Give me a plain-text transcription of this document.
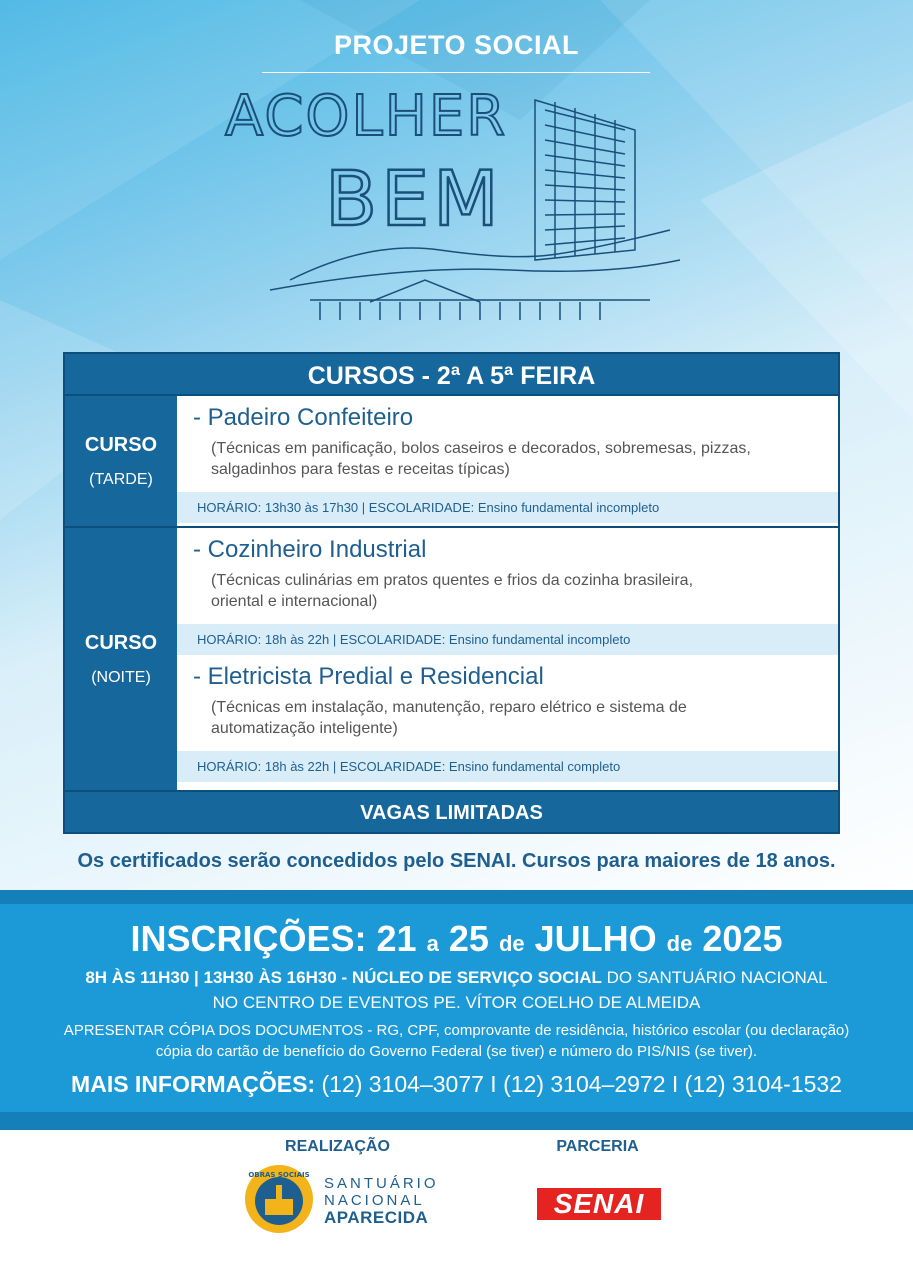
PROJETO SOCIAL
ACOLHER
BEM
CURSOS - 2ª A 5ª FEIRA
CURSO
(TARDE)
- Padeiro Confeiteiro
(Técnicas em panificação, bolos caseiros e decorados, sobremesas, pizzas,
salgadinhos para festas e receitas típicas)
HORÁRIO: 13h30 às 17h30 | ESCOLARIDADE: Ensino fundamental incompleto
CURSO
(NOITE)
- Cozinheiro Industrial
(Técnicas culinárias em pratos quentes e frios da cozinha brasileira,
oriental e internacional)
HORÁRIO: 18h às 22h | ESCOLARIDADE: Ensino fundamental incompleto
- Eletricista Predial e Residencial
(Técnicas em instalação, manutenção, reparo elétrico e sistema de
automatização inteligente)
HORÁRIO: 18h às 22h | ESCOLARIDADE: Ensino fundamental completo
VAGAS LIMITADAS
Os certificados serão concedidos pelo SENAI. Cursos para maiores de 18 anos.
INSCRIÇÕES: 21 a 25 de JULHO de 2025
8H ÀS 11H30 | 13H30 ÀS 16H30 - NÚCLEO DE SERVIÇO SOCIAL DO SANTUÁRIO NACIONAL
NO CENTRO DE EVENTOS PE. VÍTOR COELHO DE ALMEIDA
APRESENTAR CÓPIA DOS DOCUMENTOS - RG, CPF, comprovante de residência, histórico escolar (ou declaração)
cópia do cartão de benefício do Governo Federal (se tiver) e número do PIS/NIS (se tiver).
MAIS INFORMAÇÕES: (12) 3104–3077 I (12) 3104–2972 I (12) 3104-1532
REALIZAÇÃO	PARCERIA
OBRAS SOCIAIS SANTUÁRIO
NACIONAL
APARECIDA	SENAI
